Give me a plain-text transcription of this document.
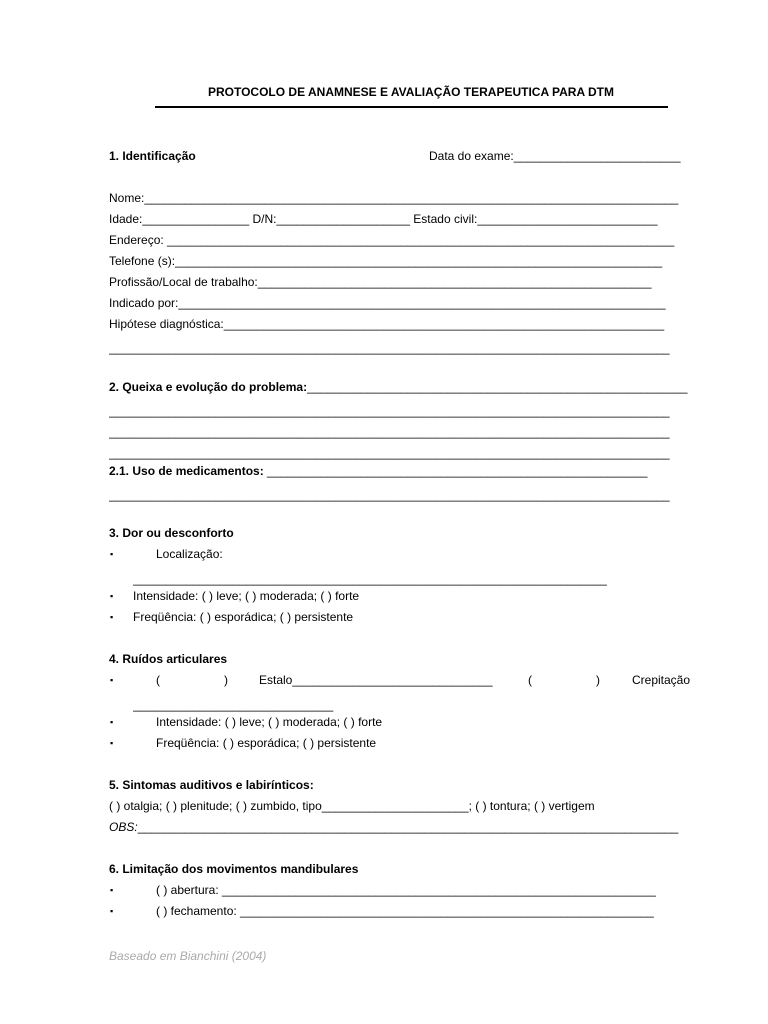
PROTOCOLO DE ANAMNESE E AVALIAÇÃO TERAPEUTICA PARA DTM
1. Identificação	Data do exame:_________________________
Nome:________________________________________________________________________________
Idade:________________ D/N:____________________ Estado civil:___________________________
Endereço: ____________________________________________________________________________
Telefone (s):_________________________________________________________________________
Profissão/Local de trabalho:___________________________________________________________
Indicado por:_________________________________________________________________________
Hipótese diagnóstica:__________________________________________________________________
____________________________________________________________________________________
2. Queixa e evolução do problema:_________________________________________________________
____________________________________________________________________________________
____________________________________________________________________________________
____________________________________________________________________________________
2.1. Uso de medicamentos: _________________________________________________________
____________________________________________________________________________________
3. Dor ou desconforto
▪	Localização:
_______________________________________________________________________
▪ Intensidade: ( ) leve; ( ) moderada; ( ) forte
▪ Freqüência: ( ) esporádica; ( ) persistente
4. Ruídos articulares
▪	(	)	Estalo______________________________	(	)	Crepitação
______________________________
▪	Intensidade: ( ) leve; ( ) moderada; ( ) forte
▪	Freqüência: ( ) esporádica; ( ) persistente
5. Sintomas auditivos e labirínticos:
( ) otalgia; ( ) plenitude; ( ) zumbido, tipo______________________; ( ) tontura; ( ) vertigem
OBS:_________________________________________________________________________________
6. Limitação dos movimentos mandibulares
▪	( ) abertura: _________________________________________________________________
▪	( ) fechamento: ______________________________________________________________
Baseado em Bianchini (2004)
